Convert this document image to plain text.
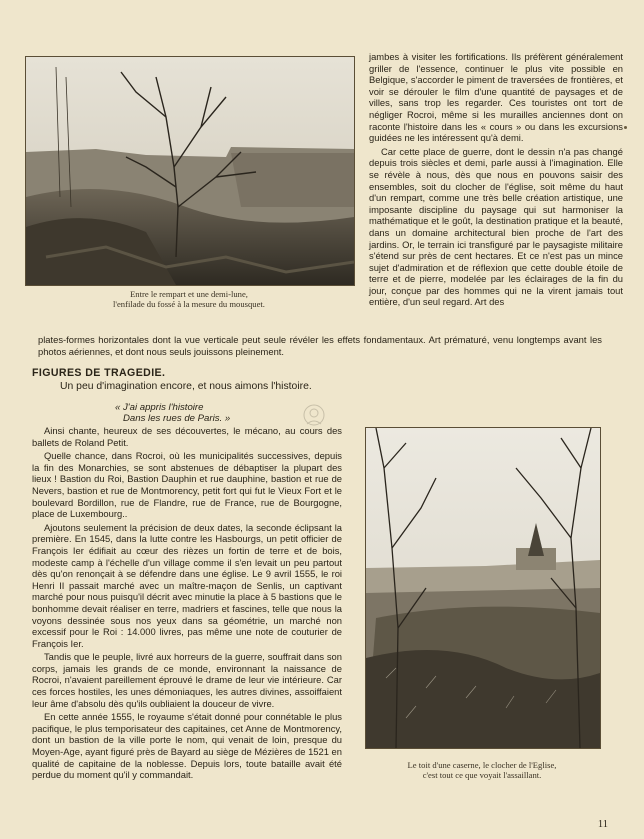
Entre le rempart et une demi-lune,
l'enfilade du fossé à la mesure du mousquet.

jambes à visiter les fortifications. Ils préfèrent généralement griller de l'essence, continuer le plus vite possible en Belgique, s'accorder le piment de traversées de frontières, et voir se dérouler le film d'une quantité de paysages et de villes, sans trop les regarder. Ces touristes ont tort de négliger Rocroi, même si les murailles anciennes dont on raconte l'histoire dans les « cours » ou dans les excursions guidées ne les intéressent qu'à demi.

Car cette place de guerre, dont le dessin n'a pas changé depuis trois siècles et demi, parle aussi à l'imagination. Elle se révèle à nous, dès que nous en pouvons saisir des ensembles, soit du clocher de l'église, soit même du haut d'un rempart, comme une très belle création artistique, une imposante discipline du paysage qui sut harmoniser la mathématique et le goût, la destination pratique et la beauté, dans un domaine architectural bien proche de l'art des jardins. Or, le terrain ici transfiguré par le paysagiste militaire s'étend sur près de cent hectares. Et ce n'est pas un mince sujet d'admiration et de réflexion que cette double étoile de terre et de pierre, modelée par les éclairages de la fin du jour, conçue par des hommes qui ne la virent jamais tout entière, d'un seul regard. Art des

plates-formes horizontales dont la vue verticale peut seule révéler les effets fondamentaux. Art prématuré, venu longtemps avant les photos aériennes, et dont nous seuls jouissons pleinement.
FIGURES DE TRAGEDIE.
Un peu d'imagination encore, et nous aimons l'histoire.
« J'ai appris l'histoire
Dans les rues de Paris. »

Ainsi chante, heureux de ses découvertes, le mécano, au cours des ballets de Roland Petit.

Quelle chance, dans Rocroi, où les municipalités successives, depuis la fin des Monarchies, se sont abstenues de débaptiser la plupart des lieux ! Bastion du Roi, Bastion Dauphin et rue dauphine, bastion et rue de Nevers, bastion et rue de Montmorency, petit fort qui fut le Vieux Fort et le boulevard Bordillon, rue de Flandre, rue de France, rue de Bourgogne, place de Luxembourg..

Ajoutons seulement la précision de deux dates, la seconde éclipsant la première. En 1545, dans la lutte contre les Hasbourgs, un petit officier de François Ier édifiait au cœur des rièzes un fortin de terre et de bois, modeste camp à l'échelle d'un village comme il s'en levait un peu partout dès qu'on renonçait à se défendre dans une église. Le 9 avril 1555, le roi Henri II passait marché avec un maître-maçon de Senlis, un captivant marché pour nous puisqu'il décrit avec minutie la place à 5 bastions que le bonhomme devait réaliser en terre, madriers et fascines, telle que nous la voyons dessinée sous nos yeux dans sa géométrie, un marché non excessif pour le Roi : 14.000 livres, pas même une note de couturier de François Ier.

Tandis que le peuple, livré aux horreurs de la guerre, souffrait dans son corps, jamais les grands de ce monde, environnant la naissance de Rocroi, n'avaient pareillement éprouvé le drame de leur vie intérieure. Car ces forces hostiles, les unes démoniaques, les autres divines, assoiffaient leur âme d'absolu dès qu'ils oubliaient la douceur de vivre.

En cette année 1555, le royaume s'était donné pour connétable le plus pacifique, le plus temporisateur des capitaines, cet Anne de Montmorency, dont un bastion de la ville porte le nom, qui venait de loin, presque du Moyen-Age, ayant figuré près de Bayard au siège de Mézières de 1521 en qualité de capitaine de la noblesse. Depuis lors, toute bataille avait été perdue du moment qu'il y commandait.

Le toit d'une caserne, le clocher de l'Eglise,
c'est tout ce que voyait l'assaillant.
11
